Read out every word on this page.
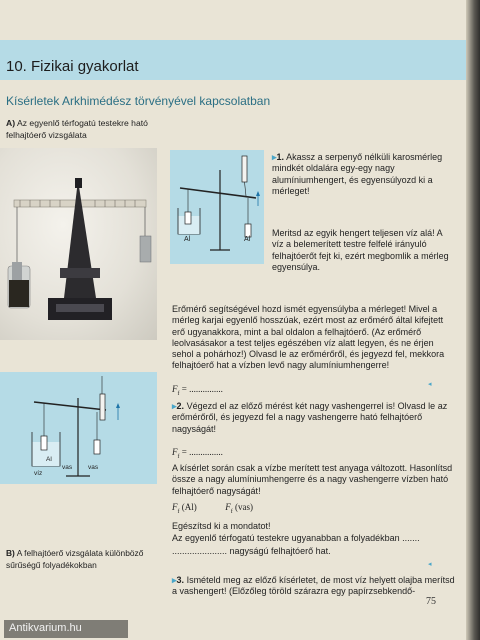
10. Fizikai gyakorlat
Kísérletek Arkhimédész törvényével kapcsolatban
A) Az egyenlő térfogatú testekre ható felhajtóerő vizsgálata
Al	Al
▸1. Akassz a serpenyő nélküli karosmérleg mindkét oldalára egy-egy nagy alumíniumhengert, és egyensúlyozd ki a mérleget!
Meritsd az egyik hengert teljesen víz alá! A víz a belemerített testre felfelé irányuló felhajtóerőt fejt ki, ezért megbomlik a mérleg egyensúlya.
Erőmérő segítségével hozd ismét egyensúlyba a mérleget! Mivel a mérleg karjai egyenlő hosszúak, ezért most az erőmérő által kifejtett erő ugyanakkora, mint a bal oldalon a felhajtóerő. (Az erőmérő leolvasásakor a test teljes egészében víz alatt legyen, és ne érjen sehol a pohárhoz!) Olvasd le az erőmérőről, és jegyezd fel, mekkora felhajtóerő hat a vízben levő nagy alumíniumhengerre!
$F_f$ = ...............	◂
víz
Al
vas vas
▸2. Végezd el az előző mérést két nagy vashengerrel is! Olvasd le az erőmérőről, és jegyezd fel a nagy vashengerre ható felhajtóerő nagyságát!
$F_f$ = ...............
A kísérlet során csak a vízbe merített test anyaga változott. Hasonlítsd össze a nagy alumíniumhengerre és a nagy vashengerre vízben ható felhajtóerő nagyságát!
$F_f$ (Al)	$F_f$ (vas)
Egészítsd ki a mondatot!
Az egyenlő térfogatú testekre ugyanabban a folyadékban .......
...................... nagyságú felhajtóerő hat.
◂
B) A felhajtóerő vizsgálata különböző sűrűségű folyadékokban
▸3. Ismételd meg az előző kísérletet, de most víz helyett olajba merítsd a vashengert! (Előzőleg töröld szárazra egy papírzsebkendő-
75
Antikvarium.hu
